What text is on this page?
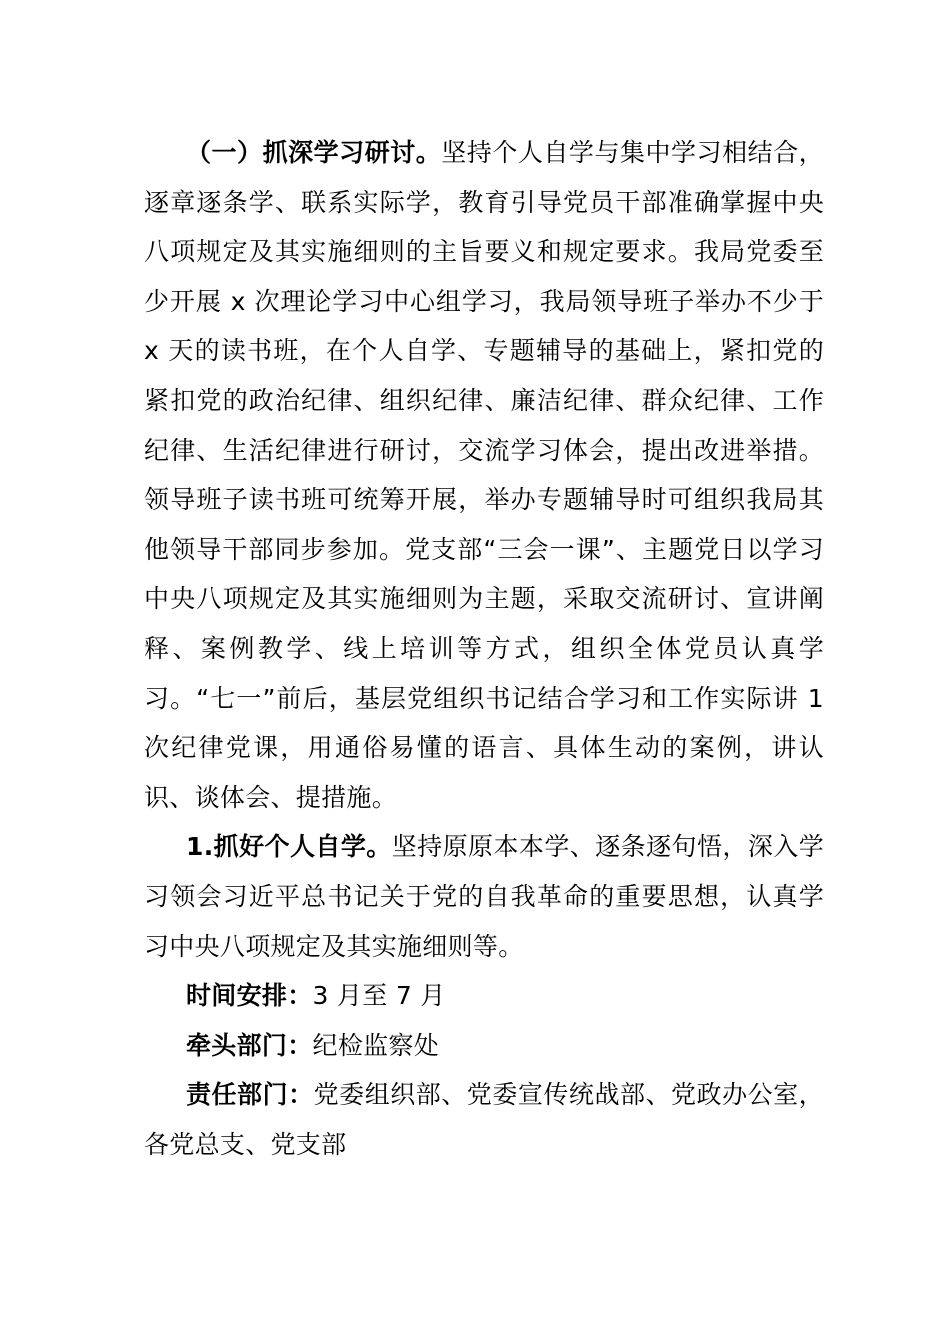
（一）抓深学习研讨。坚持个人自学与集中学习相结合，逐章逐条学、联系实际学，教育引导党员干部准确掌握中央八项规定及其实施细则的主旨要义和规定要求。我局党委至少开展 x 次理论学习中心组学习，我局领导班子举办不少于 x 天的读书班，在个人自学、专题辅导的基础上，紧扣党的紧扣党的政治纪律、组织纪律、廉洁纪律、群众纪律、工作纪律、生活纪律进行研讨，交流学习体会，提出改进举措。领导班子读书班可统筹开展，举办专题辅导时可组织我局其他领导干部同步参加。党支部“三会一课”、主题党日以学习中央八项规定及其实施细则为主题，采取交流研讨、宣讲阐释、案例教学、线上培训等方式，组织全体党员认真学习。“七一”前后，基层党组织书记结合学习和工作实际讲 1 次纪律党课，用通俗易懂的语言、具体生动的案例，讲认识、谈体会、提措施。

1.抓好个人自学。坚持原原本本学、逐条逐句悟，深入学习领会习近平总书记关于党的自我革命的重要思想，认真学习中央八项规定及其实施细则等。

时间安排：3 月至 7 月

牵头部门：纪检监察处

责任部门：党委组织部、党委宣传统战部、党政办公室，各党总支、党支部
